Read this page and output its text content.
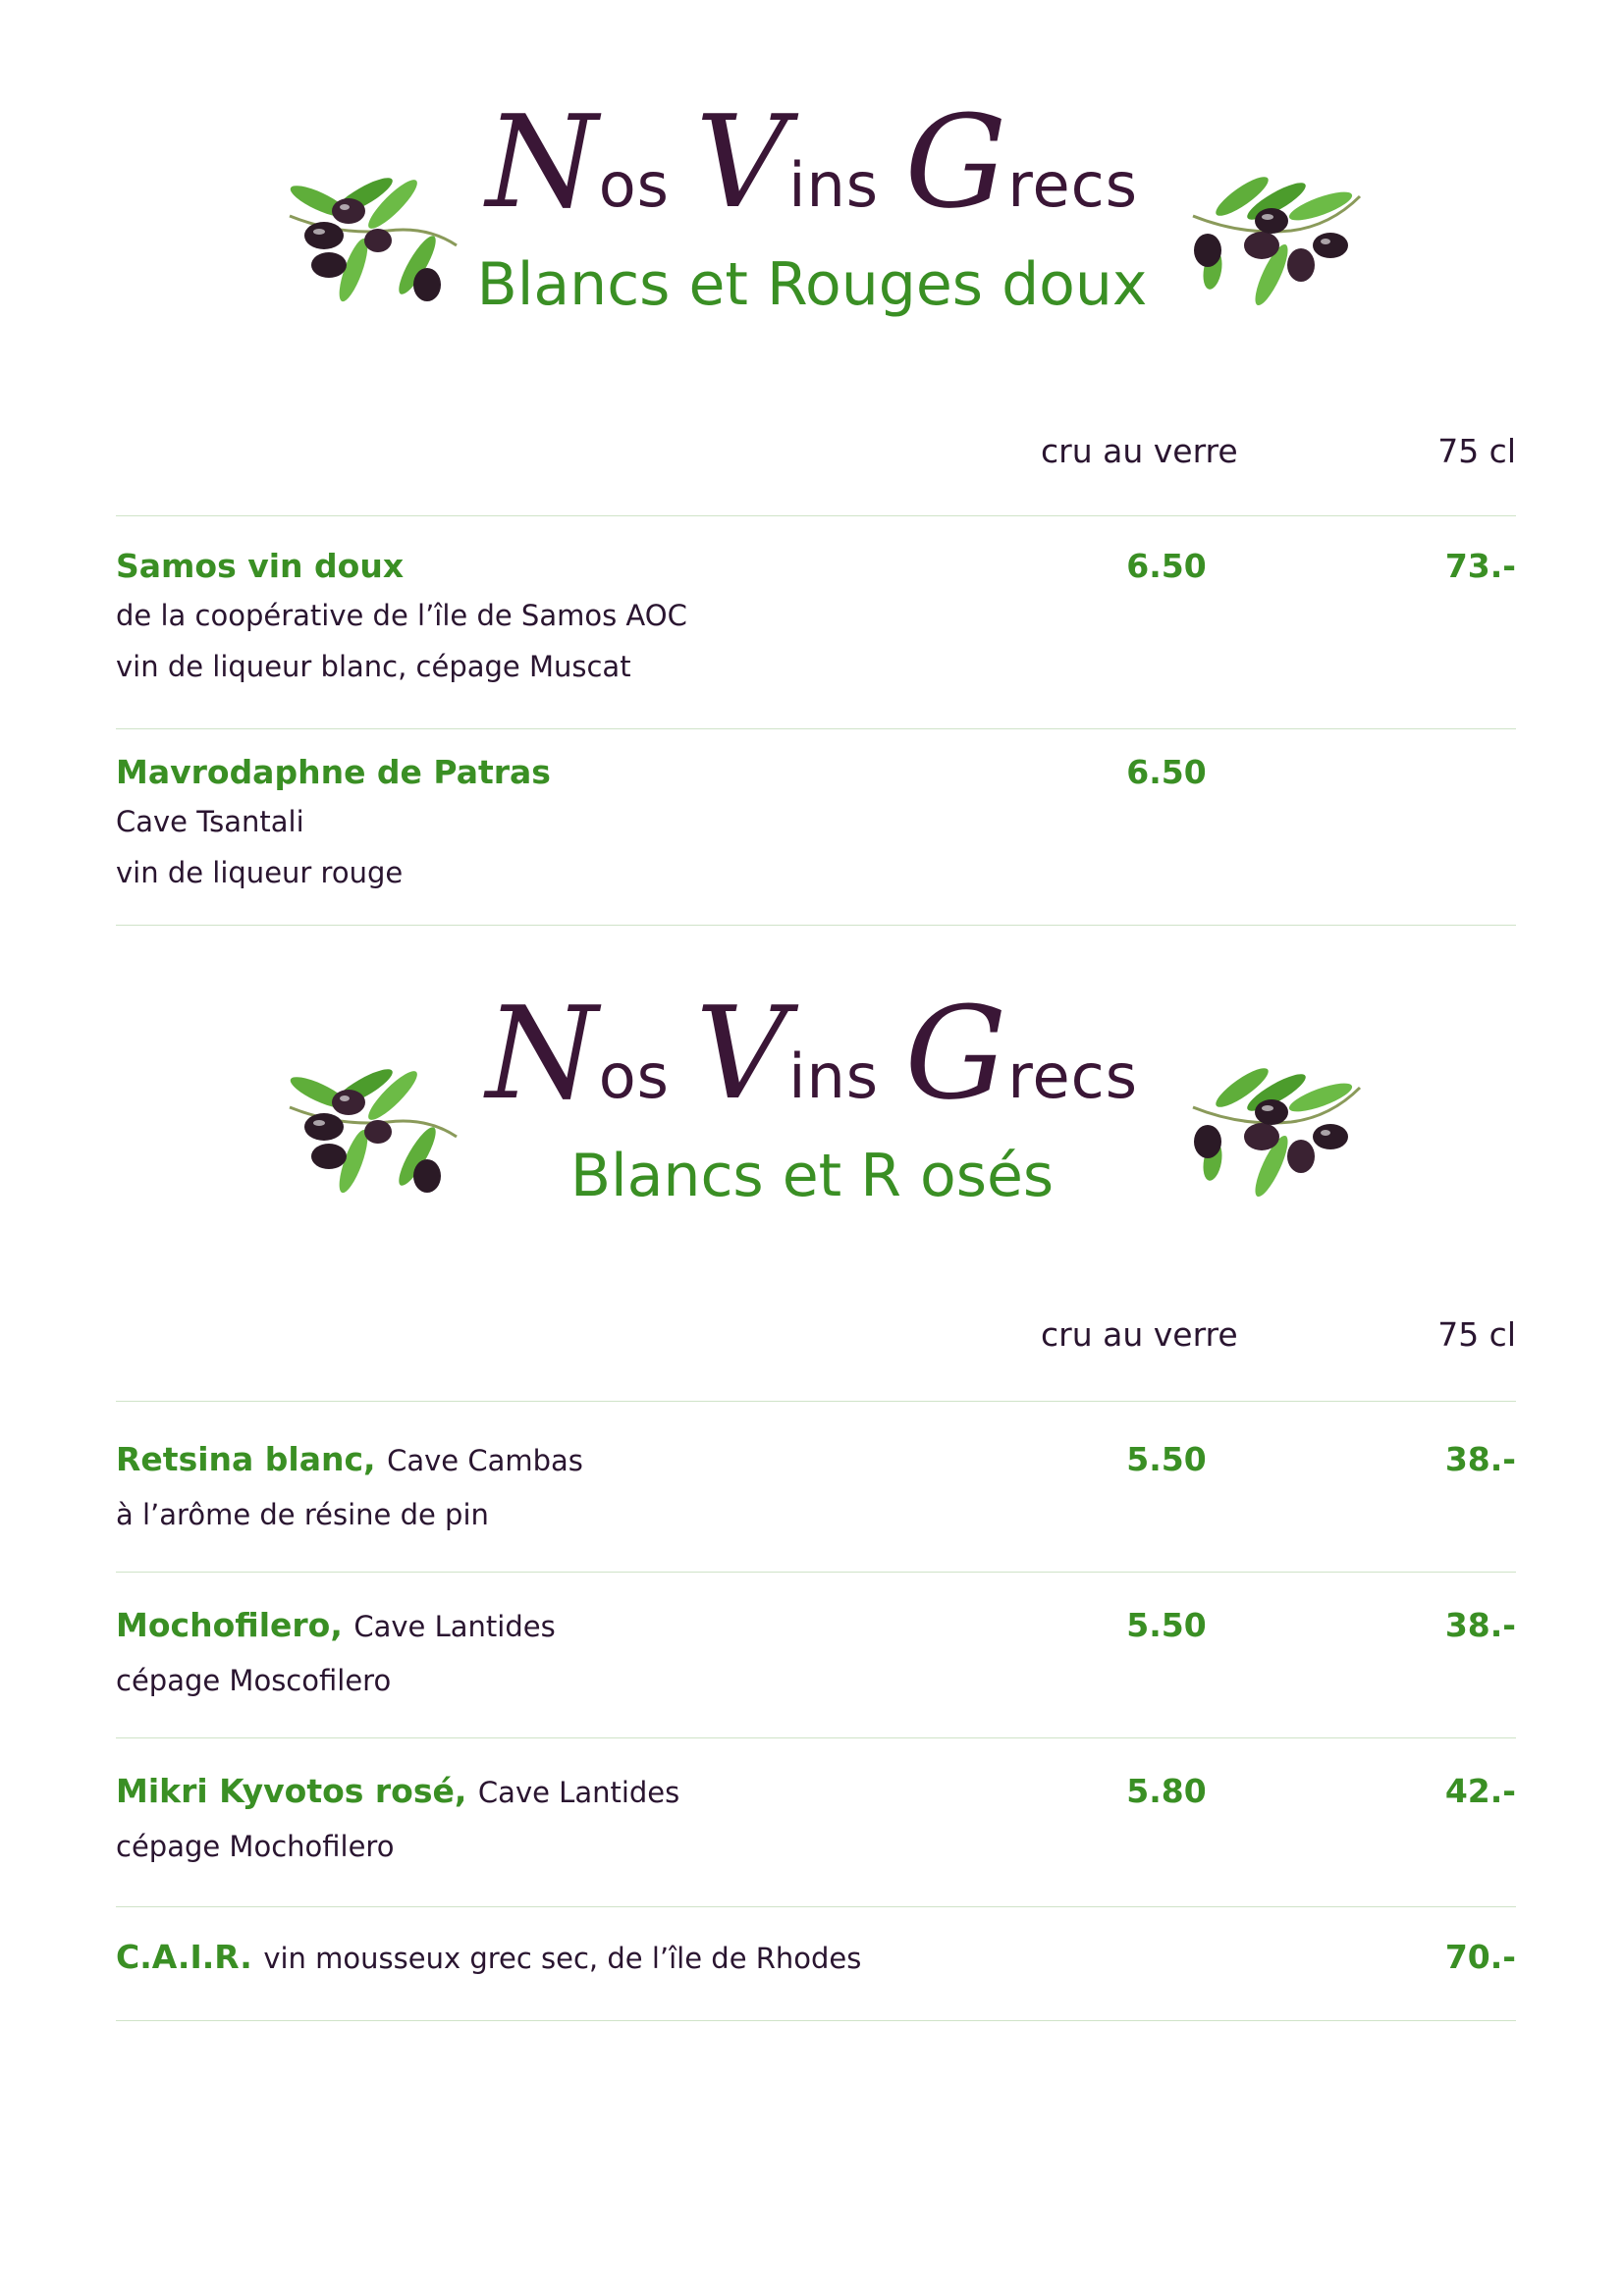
Nos Vins Grecs
Blancs et Rouges doux
cru au verre	75 cl
Samos vin doux
de la coopérative de l’île de Samos AOC
vin de liqueur blanc, cépage Muscat
6.50	73.-
Mavrodaphne de Patras
Cave Tsantali
vin de liqueur rouge
6.50
Nos Vins Grecs
Blancs et R osés
cru au verre	75 cl
Retsina blanc, Cave Cambas
à l’arôme de résine de pin
5.50	38.-
Mochofilero, Cave Lantides
cépage Moscofilero
5.50	38.-
Mikri Kyvotos rosé, Cave Lantides
cépage Mochofilero
5.80	42.-
C.A.I.R. vin mousseux grec sec, de l’île de Rhodes	70.-
